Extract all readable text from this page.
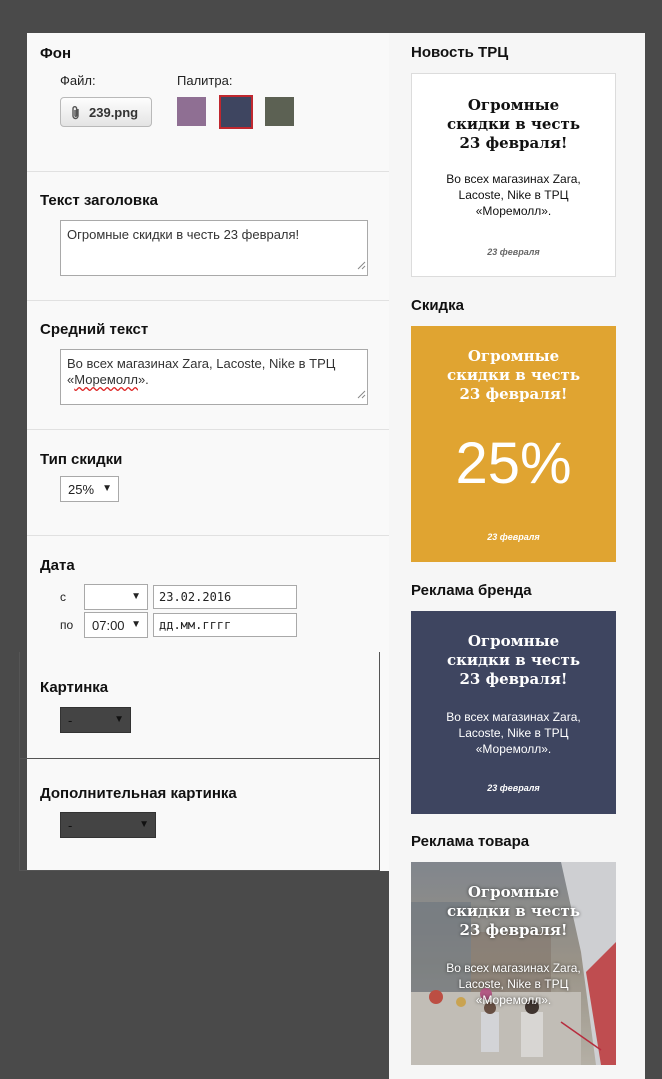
Фон
Файл:
239.png
Палитра:
Текст заголовка
Огромные скидки в честь 23 февраля!
Средний текст
Во всех магазинах Zara, Lacoste, Nike в ТРЦ
«Моремолл».
Тип скидки
25% ▼
Дата
с	▼	23.02.2016
по 07:00 ▼	дд.мм.гггг
Картинка
-	▼
Дополнительная картинка
-	▼
Новость ТРЦ
Огромные
скидки в честь
23 февраля!
Во всех магазинах Zara,
Lacoste, Nike в ТРЦ
«Моремолл».
23 февраля
Скидка
Огромные
скидки в честь
23 февраля!
25%
23 февраля
Реклама бренда
Огромные
скидки в честь
23 февраля!
Во всех магазинах Zara,
Lacoste, Nike в ТРЦ
«Моремолл».
23 февраля
Реклама товара
Огромные
скидки в честь
23 февраля!
Во всех магазинах Zara,
Lacoste, Nike в ТРЦ
«Моремолл».
